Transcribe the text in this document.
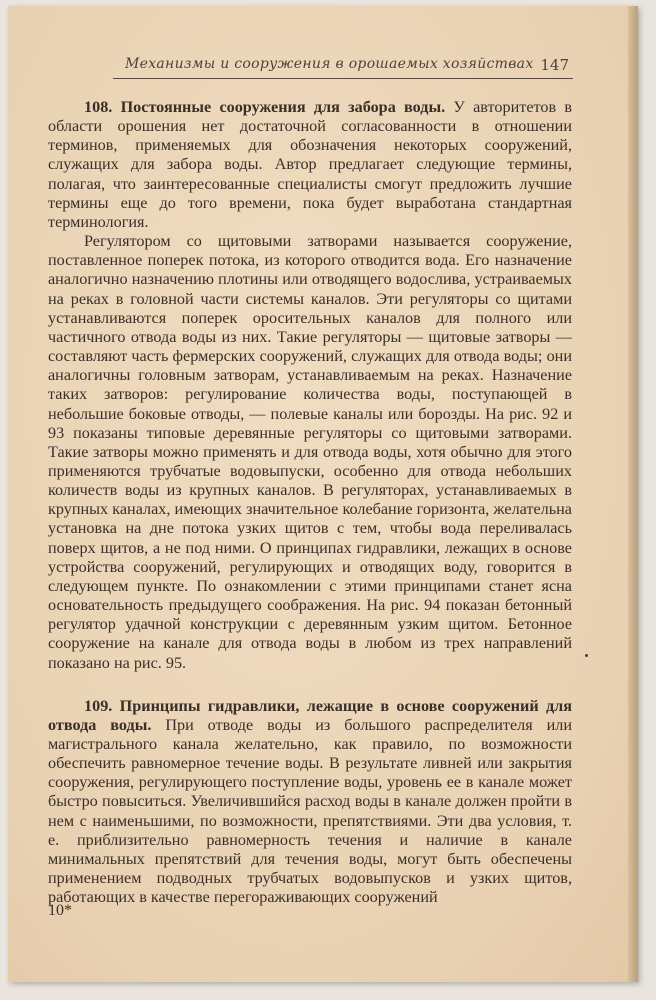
Механизмы и сооружения в орошаемых хозяйствах 147

108. Постоянные сооружения для забора воды. У авторитетов в области орошения нет достаточной согласованности в отношении терминов, применяемых для обозначения некоторых сооружений, служащих для забора воды. Автор предлагает следующие термины, полагая, что заинтересованные специалисты смогут предложить лучшие термины еще до того времени, пока будет выработана стандартная терминология.

Регулятором со щитовыми затворами называется сооружение, поставленное поперек потока, из которого отводится вода. Его назначение аналогично назначению плотины или отводящего водослива, устраиваемых на реках в головной части системы каналов. Эти регуляторы со щитами устанавливаются поперек оросительных каналов для полного или частичного отвода воды из них. Такие регуляторы — щитовые затворы — составляют часть фермерских сооружений, служащих для отвода воды; они аналогичны головным затворам, устанавливаемым на реках. Назначение таких затворов: регулирование количества воды, поступающей в небольшие боковые отводы, — полевые каналы или борозды. На рис. 92 и 93 показаны типовые деревянные регуляторы со щитовыми затворами. Такие затворы можно применять и для отвода воды, хотя обычно для этого применяются трубчатые водовыпуски, особенно для отвода небольших количеств воды из крупных каналов. В регуляторах, устанавливаемых в крупных каналах, имеющих значительное колебание горизонта, желательна установка на дне потока узких щитов с тем, чтобы вода переливалась поверх щитов, а не под ними. О принципах гидравлики, лежащих в основе устройства сооружений, регулирующих и отводящих воду, говорится в следующем пункте. По ознакомлении с этими принципами станет ясна основательность предыдущего соображения. На рис. 94 показан бетонный регулятор удачной конструкции с деревянным узким щитом. Бетонное сооружение на канале для отвода воды в любом из трех направлений показано на рис. 95.

109. Принципы гидравлики, лежащие в основе сооружений для отвода воды. При отводе воды из большого распределителя или магистрального канала желательно, как правило, по возможности обеспечить равномерное течение воды. В результате ливней или закрытия сооружения, регулирующего поступление воды, уровень ее в канале может быстро повыситься. Увеличившийся расход воды в канале должен пройти в нем с наименьшими, по возможности, препятствиями. Эти два условия, т. е. приблизительно равномерность течения и наличие в канале минимальных препятствий для течения воды, могут быть обеспечены применением подводных трубчатых водовыпусков и узких щитов, работающих в качестве перегораживающих сооружений

10*
